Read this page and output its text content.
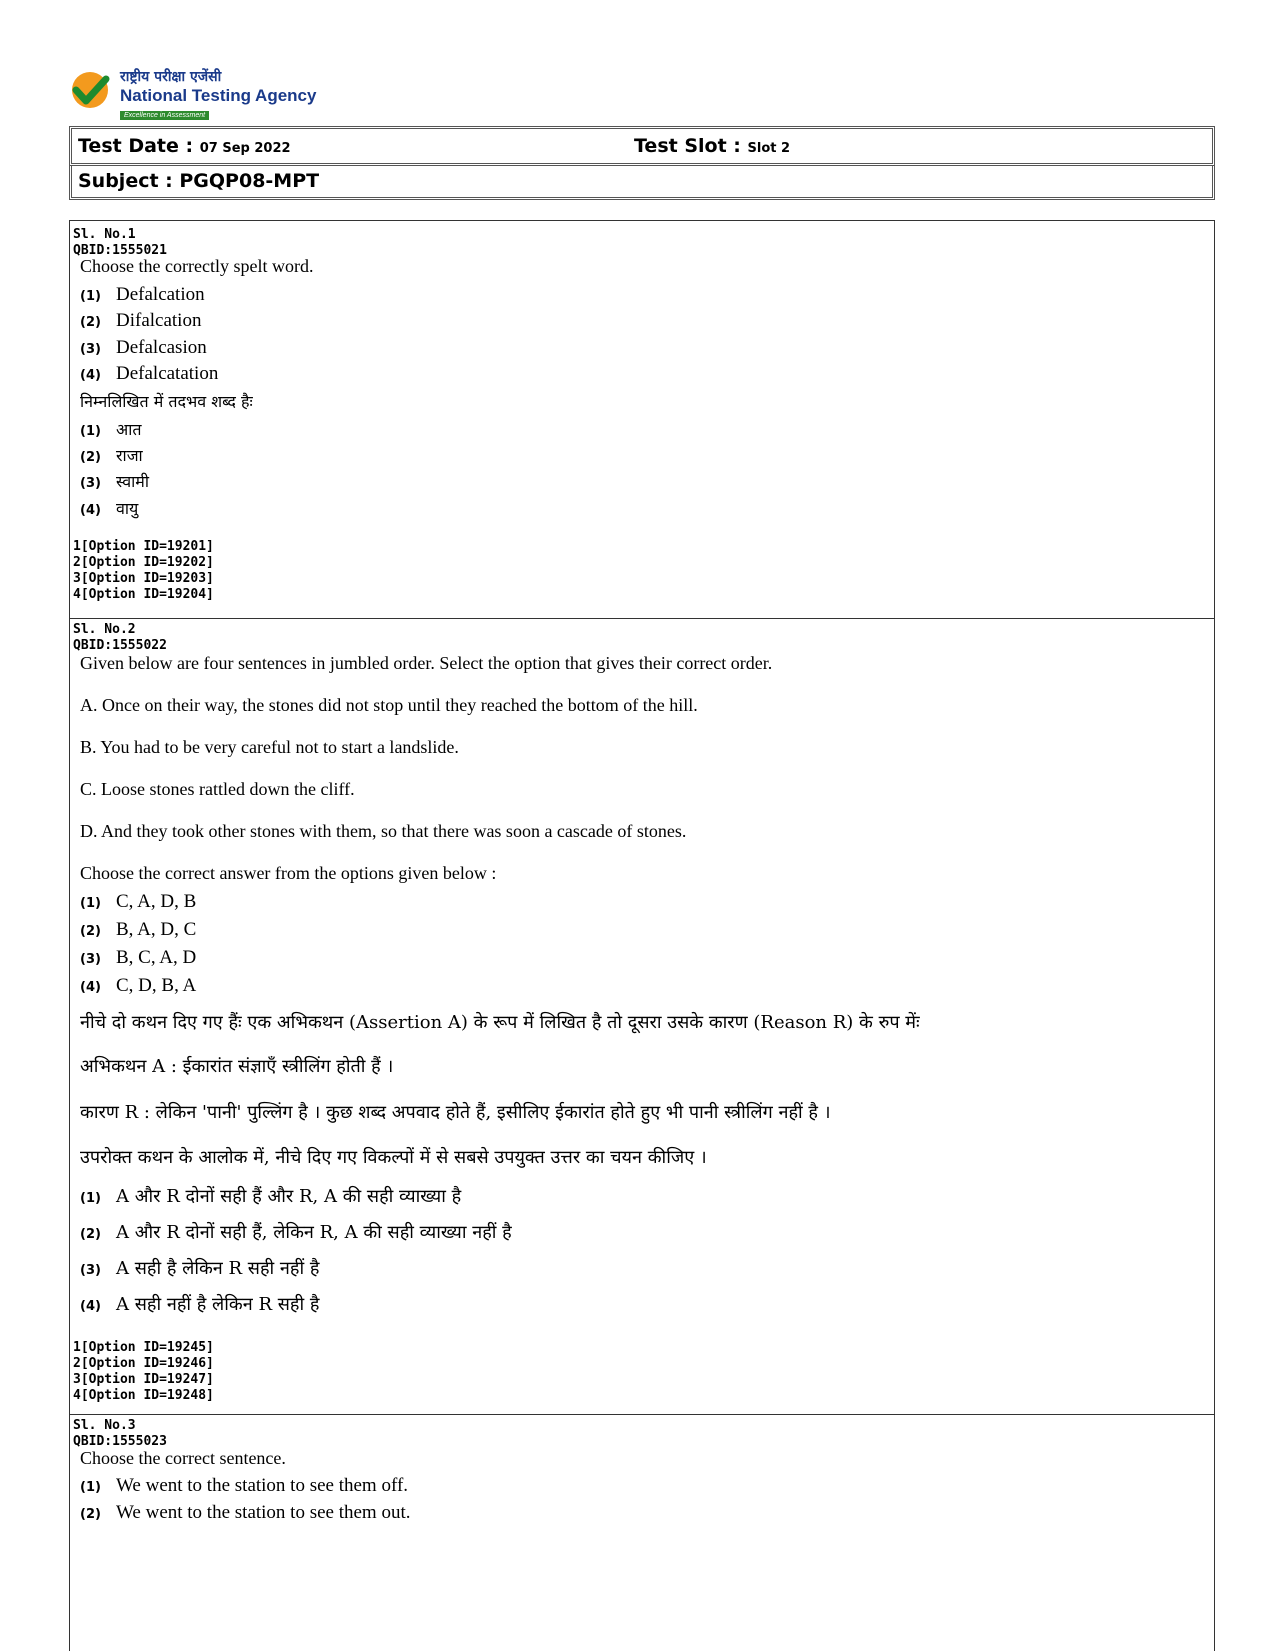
राष्ट्रीय परीक्षा एजेंसी
National Testing Agency
Excellence in Assessment
Test Date : 07 Sep 2022	Test Slot : Slot 2
Subject : PGQP08-MPT
Sl. No.1
QBID:1555021
Choose the correctly spelt word.
(1) Defalcation
(2) Difalcation
(3) Defalcasion
(4) Defalcatation
निम्नलिखित में तदभव शब्द हैः
(1) आत
(2) राजा
(3) स्वामी
(4) वायु
1[Option ID=19201]
2[Option ID=19202]
3[Option ID=19203]
4[Option ID=19204]
Sl. No.2
QBID:1555022
Given below are four sentences in jumbled order. Select the option that gives their correct order.
A. Once on their way, the stones did not stop until they reached the bottom of the hill.
B. You had to be very careful not to start a landslide.
C. Loose stones rattled down the cliff.
D. And they took other stones with them, so that there was soon a cascade of stones.
Choose the correct answer from the options given below :
(1) C, A, D, B
(2) B, A, D, C
(3) B, C, A, D
(4) C, D, B, A
नीचे दो कथन दिए गए हैंः एक अभिकथन (Assertion A) के रूप में लिखित है तो दूसरा उसके कारण (Reason R) के रुप मेंः
अभिकथन A : ईकारांत संज्ञाएँ स्त्रीलिंग होती हैं ।
कारण R : लेकिन 'पानी' पुल्लिंग है । कुछ शब्द अपवाद होते हैं, इसीलिए ईकारांत होते हुए भी पानी स्त्रीलिंग नहीं है ।
उपरोक्त कथन के आलोक में, नीचे दिए गए विकल्पों में से सबसे उपयुक्त उत्तर का चयन कीजिए ।
(1) A और R दोनों सही हैं और R, A की सही व्याख्या है
(2) A और R दोनों सही हैं, लेकिन R, A की सही व्याख्या नहीं है
(3) A सही है लेकिन R सही नहीं है
(4) A सही नहीं है लेकिन R सही है
1[Option ID=19245]
2[Option ID=19246]
3[Option ID=19247]
4[Option ID=19248]
Sl. No.3
QBID:1555023
Choose the correct sentence.
(1) We went to the station to see them off.
(2) We went to the station to see them out.
